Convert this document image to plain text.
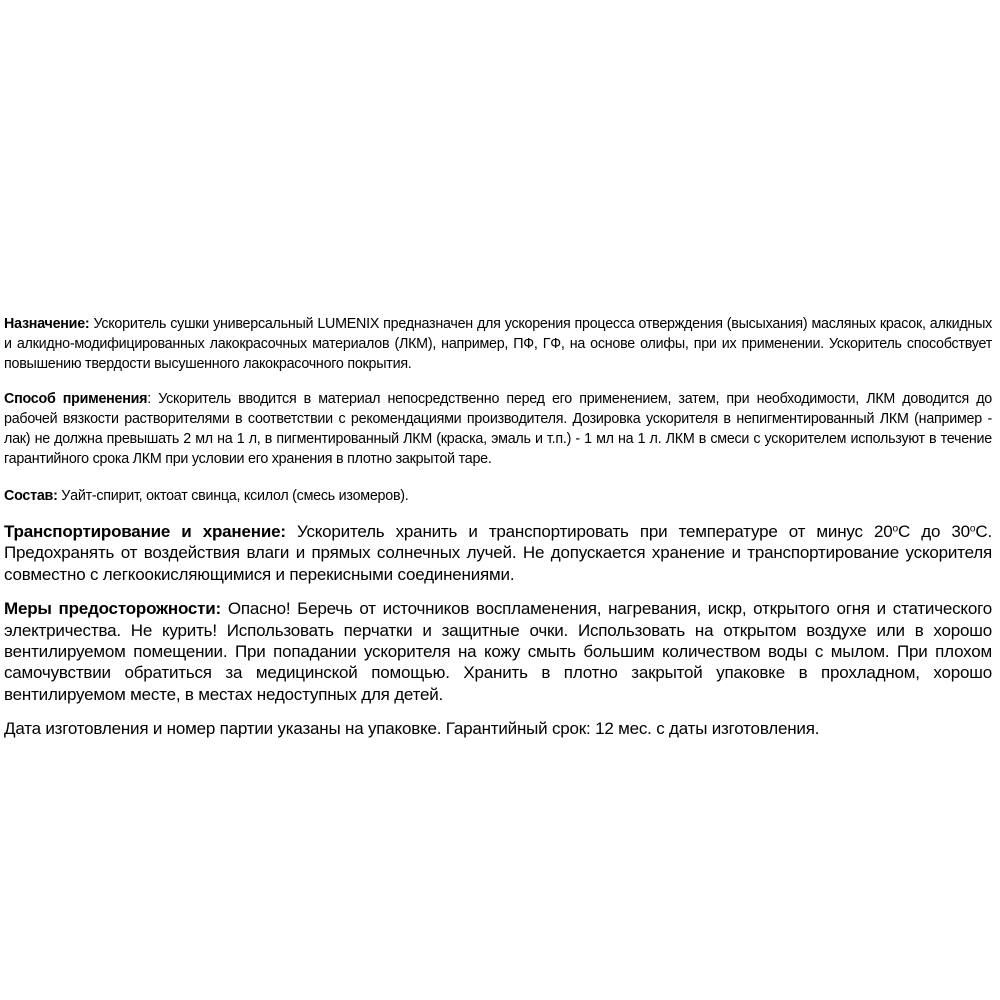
Назначение: Ускоритель сушки универсальный LUMENIX предназначен для ускорения процесса отверждения (высыхания) масляных красок, алкидных и алкидно-модифицированных лакокрасочных материалов (ЛКМ), например, ПФ, ГФ, на основе олифы, при их применении. Ускоритель способствует повышению твердости высушенного лакокрасочного покрытия.

Способ применения: Ускоритель вводится в материал непосредственно перед его применением, затем, при необходимости, ЛКМ доводится до рабочей вязкости растворителями в соответствии с рекомендациями производителя. Дозировка ускорителя в непигментированный ЛКМ (например - лак) не должна превышать 2 мл на 1 л, в пигментированный ЛКМ (краска, эмаль и т.п.) - 1 мл на 1 л. ЛКМ в смеси с ускорителем используют в течение гарантийного срока ЛКМ при условии его хранения в плотно закрытой таре.

Состав: Уайт-спирит, октоат свинца, ксилол (смесь изомеров).

Транспортирование и хранение: Ускоритель хранить и транспортировать при температуре от минус $20^оС$ до $30^оС$. Предохранять от воздействия влаги и прямых солнечных лучей. Не допускается хранение и транспортирование ускорителя совместно с легкоокисляющимися и перекисными соединениями.

Меры предосторожности: Опасно! Беречь от источников воспламенения, нагревания, искр, открытого огня и статического электричества. Не курить! Использовать перчатки и защитные очки. Использовать на открытом воздухе или в хорошо вентилируемом помещении. При попадании ускорителя на кожу смыть большим количеством воды с мылом. При плохом самочувствии обратиться за медицинской помощью. Хранить в плотно закрытой упаковке в прохладном, хорошо вентилируемом месте, в местах недоступных для детей.

Дата изготовления и номер партии указаны на упаковке. Гарантийный срок: 12 мес. с даты изготовления.
